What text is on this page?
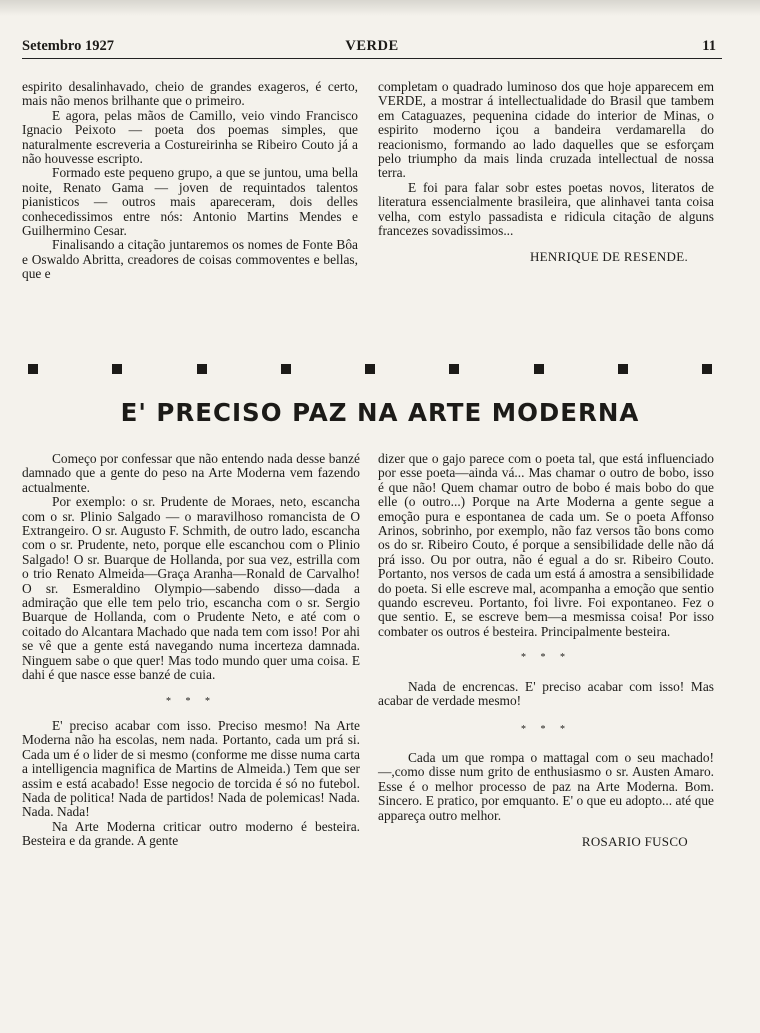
Setembro 1927	VERDE	11

espirito desalinhavado, cheio de grandes exageros, é certo, mais não menos brilhante que o primeiro.

E agora, pelas mãos de Camillo, veio vindo Francisco Ignacio Peixoto — poeta dos poemas simples, que naturalmente escreveria a Costureirinha se Ribeiro Couto já a não houvesse escripto.

Formado este pequeno grupo, a que se juntou, uma bella noite, Renato Gama — joven de requintados talentos pianisticos — outros mais apareceram, dois delles conhecedissimos entre nós: Antonio Martins Mendes e Guilhermino Cesar.

Finalisando a citação juntaremos os nomes de Fonte Bôa e Oswaldo Abritta, creadores de coisas commoventes e bellas, que e

completam o quadrado luminoso dos que hoje apparecem em VERDE, a mostrar á intellectualidade do Brasil que tambem em Cataguazes, pequenina cidade do interior de Minas, o espirito moderno içou a bandeira verdamarella do reacionismo, formando ao lado daquelles que se esforçam pelo triumpho da mais linda cruzada intellectual de nossa terra.

E foi para falar sobr estes poetas novos, literatos de literatura essencialmente brasileira, que alinhavei tanta coisa velha, com estylo passadista e ridicula citação de alguns francezes sovadissimos...

HENRIQUE DE RESENDE.

E' PRECISO PAZ NA ARTE MODERNA

Começo por confessar que não entendo nada desse banzé damnado que a gente do peso na Arte Moderna vem fazendo actualmente.

Por exemplo: o sr. Prudente de Moraes, neto, escancha com o sr. Plinio Salgado — o maravilhoso romancista de O Extrangeiro. O sr. Augusto F. Schmith, de outro lado, escancha com o sr. Prudente, neto, porque elle escanchou com o Plinio Salgado! O sr. Buarque de Hollanda, por sua vez, estrilla com o trio Renato Almeida—Graça Aranha—Ronald de Carvalho! O sr. Esmeraldino Olympio—sabendo disso—dada a admiração que elle tem pelo trio, escancha com o sr. Sergio Buarque de Hollanda, com o Prudente Neto, e até com o coitado do Alcantara Machado que nada tem com isso! Por ahi se vê que a gente está navegando numa incerteza damnada. Ninguem sabe o que quer! Mas todo mundo quer uma coisa. E dahi é que nasce esse banzé de cuia.

* * *

E' preciso acabar com isso. Preciso mesmo! Na Arte Moderna não ha escolas, nem nada. Portanto, cada um prá si. Cada um é o lider de si mesmo (conforme me disse numa carta a intelligencia magnifica de Martins de Almeida.) Tem que ser assim e está acabado! Esse negocio de torcida é só no futebol. Nada de politica! Nada de partidos! Nada de polemicas! Nada. Nada. Nada!

Na Arte Moderna criticar outro moderno é besteira. Besteira e da grande. A gente

dizer que o gajo parece com o poeta tal, que está influenciado por esse poeta—ainda vá... Mas chamar o outro de bobo, isso é que não! Quem chamar outro de bobo é mais bobo do que elle (o outro...) Porque na Arte Moderna a gente segue a emoção pura e espontanea de cada um. Se o poeta Affonso Arinos, sobrinho, por exemplo, não faz versos tão bons como os do sr. Ribeiro Couto, é porque a sensibilidade delle não dá prá isso. Ou por outra, não é egual a do sr. Ribeiro Couto. Portanto, nos versos de cada um está á amostra a sensibilidade do poeta. Si elle escreve mal, acompanha a emoção que sentio quando escreveu. Portanto, foi livre. Foi expontaneo. Fez o que sentio. E, se escreve bem—a mesmissa coisa! Por isso combater os outros é besteira. Principalmente besteira.

* * *

Nada de encrencas. E' preciso acabar com isso! Mas acabar de verdade mesmo!

* * *

Cada um que rompa o mattagal com o seu machado!—,como disse num grito de enthusiasmo o sr. Austen Amaro. Esse é o melhor processo de paz na Arte Moderna. Bom. Sincero. E pratico, por emquanto. E' o que eu adopto... até que appareça outro melhor.

ROSARIO FUSCO
